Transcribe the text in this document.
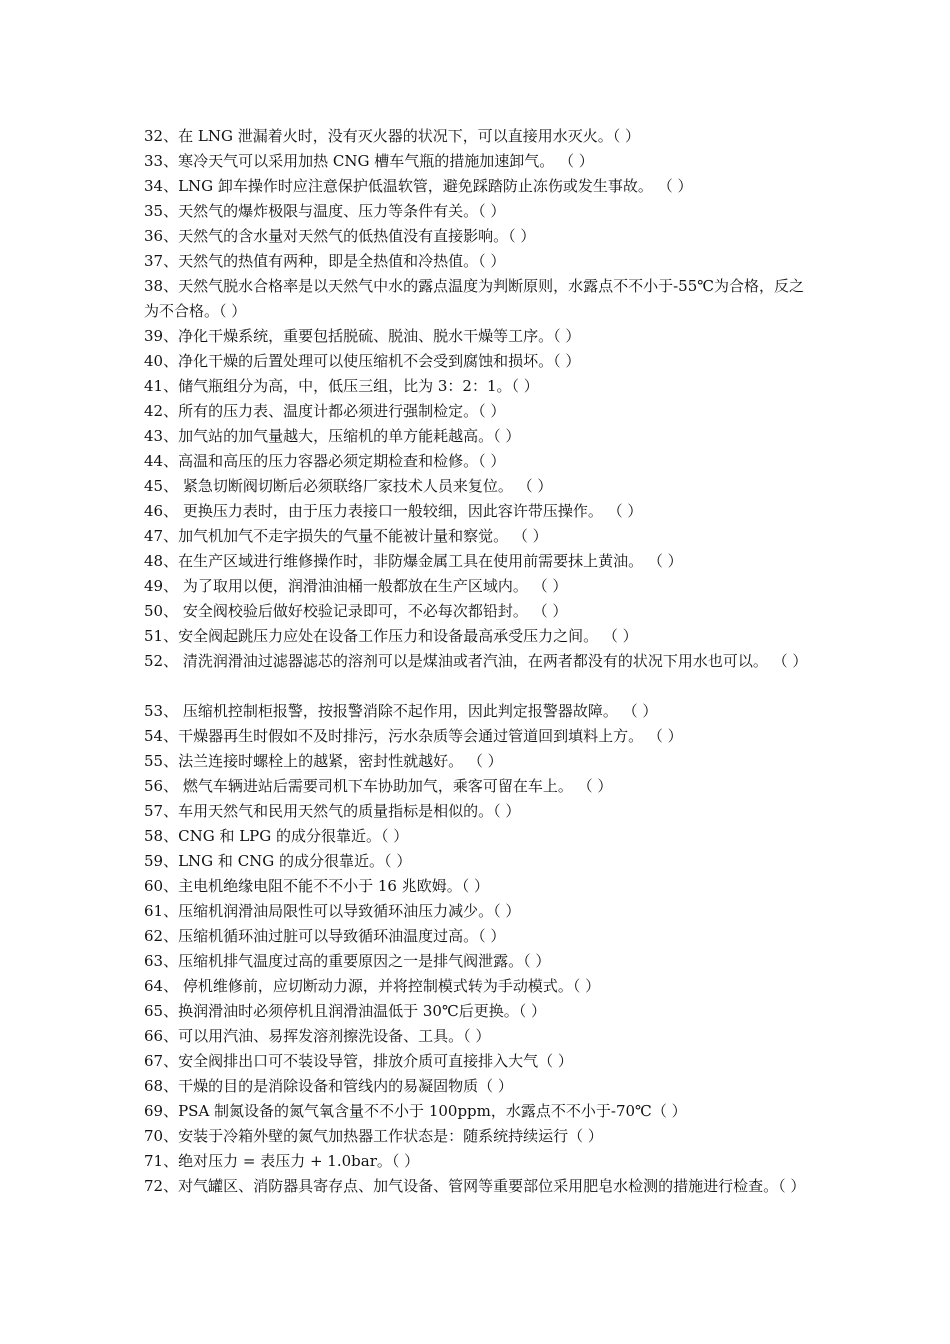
32、在 LNG 泄漏着火时，没有灭火器的状况下，可以直接用水灭火。（ ）
33、寒冷天气可以采用加热 CNG 槽车气瓶的措施加速卸气。 （ ）
34、LNG 卸车操作时应注意保护低温软管，避免踩踏防止冻伤或发生事故。 （ ）
35、天然气的爆炸极限与温度、压力等条件有关。（ ）
36、天然气的含水量对天然气的低热值没有直接影响。（ ）
37、天然气的热值有两种，即是全热值和冷热值。（ ）
38、天然气脱水合格率是以天然气中水的露点温度为判断原则，水露点不不小于-55℃为合格，反之为不合格。（ ）
39、净化干燥系统，重要包括脱硫、脱油、脱水干燥等工序。（ ）
40、净化干燥的后置处理可以使压缩机不会受到腐蚀和损坏。（ ）
41、储气瓶组分为高，中，低压三组，比为 3：2：1。（ ）
42、所有的压力表、温度计都必须进行强制检定。（ ）
43、加气站的加气量越大，压缩机的单方能耗越高。（ ）
44、高温和高压的压力容器必须定期检查和检修。（ ）
45、 紧急切断阀切断后必须联络厂家技术人员来复位。 （ ）
46、 更换压力表时，由于压力表接口一般较细，因此容许带压操作。 （ ）
47、加气机加气不走字损失的气量不能被计量和察觉。 （ ）
48、在生产区域进行维修操作时，非防爆金属工具在使用前需要抹上黄油。 （ ）
49、 为了取用以便，润滑油油桶一般都放在生产区域内。 （ ）
50、 安全阀校验后做好校验记录即可，不必每次都铅封。 （ ）
51、安全阀起跳压力应处在设备工作压力和设备最高承受压力之间。 （ ）
52、 清洗润滑油过滤器滤芯的溶剂可以是煤油或者汽油，在两者都没有的状况下用水也可以。 （ ）
53、 压缩机控制柜报警，按报警消除不起作用，因此判定报警器故障。 （ ）
54、干燥器再生时假如不及时排污，污水杂质等会通过管道回到填料上方。 （ ）
55、法兰连接时螺栓上的越紧，密封性就越好。 （ ）
56、 燃气车辆进站后需要司机下车协助加气，乘客可留在车上。 （ ）
57、车用天然气和民用天然气的质量指标是相似的。（ ）
58、CNG 和 LPG 的成分很靠近。（ ）
59、LNG 和 CNG 的成分很靠近。（ ）
60、主电机绝缘电阻不能不不小于 16 兆欧姆。（ ）
61、压缩机润滑油局限性可以导致循环油压力减少。（ ）
62、压缩机循环油过脏可以导致循环油温度过高。（ ）
63、压缩机排气温度过高的重要原因之一是排气阀泄露。（ ）
64、 停机维修前，应切断动力源，并将控制模式转为手动模式。（ ）
65、换润滑油时必须停机且润滑油温低于 30℃后更换。（ ）
66、可以用汽油、易挥发溶剂擦洗设备、工具。（ ）
67、安全阀排出口可不装设导管，排放介质可直接排入大气（ ）
68、干燥的目的是消除设备和管线内的易凝固物质（ ）
69、PSA 制氮设备的氮气氧含量不不小于 100ppm，水露点不不小于-70℃（ ）
70、安装于冷箱外壁的氮气加热器工作状态是：随系统持续运行（ ）
71、绝对压力 = 表压力 + 1.0bar。（ ）
72、对气罐区、消防器具寄存点、加气设备、管网等重要部位采用肥皂水检测的措施进行检查。（ ）
